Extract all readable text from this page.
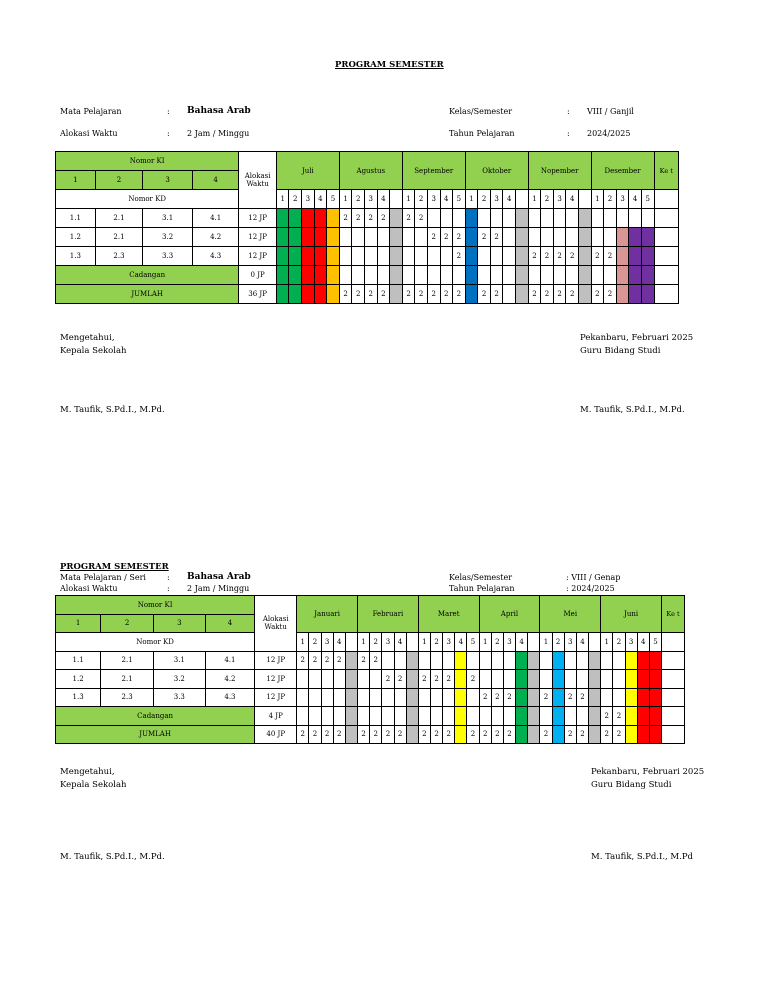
PROGRAM SEMESTER
Mata Pelajaran	: Bahasa Arab	Kelas/Semester	: VIII / Ganjil
Alokasi Waktu	: 2 Jam / Minggu	Tahun Pelajaran	: 2024/2025
Nomor KI				Alokasi Waktu	Juli					Agustus					September					Oktober					Nopember					Desember					Ke t
1	2	3	4																																
Nomor KD					1	2	3	4	5	1	2	3	4		1	2	3	4	5	1	2	3	4		1	2	3	4		1	2	3	4	5	
1.1	2.1	3.1	4.1	12 JP						2	2	2	2		2	2																			
1.2	2.1	3.2	4.2	12 JP													2	2	2		2	2													
1.3	2.3	3.3	4.3	12 JP															2						2	2	2	2		2	2				
Cadangan				0 JP																															
JUMLAH				36 JP						2	2	2	2		2	2	2	2	2		2	2			2	2	2	2		2	2				
Mengetahui,
Kepala Sekolah
Pekanbaru, Februari 2025
Guru Bidang Studi
M. Taufik, S.Pd.I., M.Pd.	M. Taufik, S.Pd.I., M.Pd.
PROGRAM SEMESTER
Mata Pelajaran / Seri	: Bahasa Arab	Kelas/Semester	: VIII / Genap
Alokasi Waktu	: 2 Jam / Minggu	Tahun Pelajaran	: 2024/2025
Nomor KI				Alokasi Waktu	Januari					Februari					Maret					April					Mei					Juni					Ke t
1	2	3	4																																
Nomor KD					1	2	3	4		1	2	3	4		1	2	3	4	5	1	2	3	4		1	2	3	4		1	2	3	4	5	
1.1	2.1	3.1	4.1	12 JP	2	2	2	2		2	2																								
1.2	2.1	3.2	4.2	12 JP								2	2		2	2	2		2																
1.3	2.3	3.3	4.3	12 JP																2	2	2			2		2	2							
Cadangan				4 JP																										2	2				
JUMLAH				40 JP	2	2	2	2		2	2	2	2		2	2	2		2	2	2	2			2		2	2		2	2				
Mengetahui,
Kepala Sekolah
Pekanbaru, Februari 2025
Guru Bidang Studi
M. Taufik, S.Pd.I., M.Pd.	M. Taufik, S.Pd.I., M.Pd
